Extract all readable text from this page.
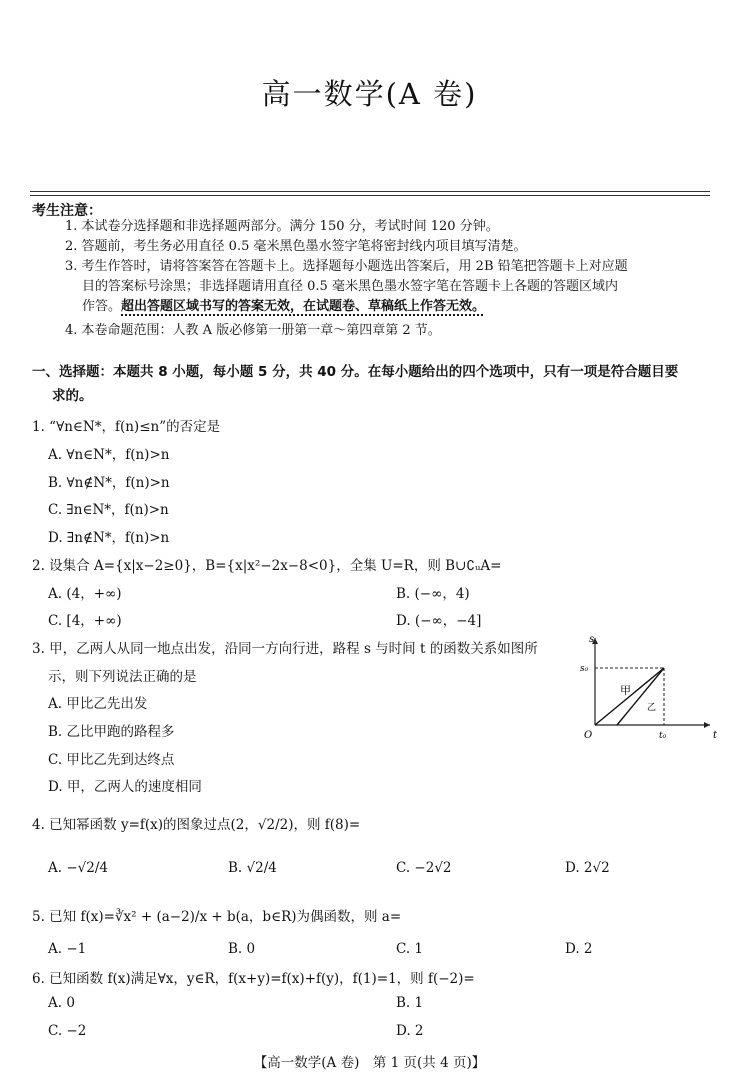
高一数学(A 卷)
考生注意：
1. 本试卷分选择题和非选择题两部分。满分 150 分，考试时间 120 分钟。
2. 答题前，考生务必用直径 0.5 毫米黑色墨水签字笔将密封线内项目填写清楚。
3. 考生作答时，请将答案答在答题卡上。选择题每小题选出答案后，用 2B 铅笔把答题卡上对应题
目的答案标号涂黑；非选择题请用直径 0.5 毫米黑色墨水签字笔在答题卡上各题的答题区域内
作答。超出答题区域书写的答案无效，在试题卷、草稿纸上作答无效。
4. 本卷命题范围：人教 A 版必修第一册第一章～第四章第 2 节。
一、选择题：本题共 8 小题，每小题 5 分，共 40 分。在每小题给出的四个选项中，只有一项是符合题目要
求的。
1. “∀n∈N*，f(n)≤n”的否定是
A. ∀n∈N*，f(n)>n
B. ∀n∉N*，f(n)>n
C. ∃n∈N*，f(n)>n
D. ∃n∉N*，f(n)>n
2. 设集合 A={x|x−2≥0}，B={x|x²−2x−8<0}，全集 U=R，则 B∪∁ᵤA=
A. (4，+∞)	B. (−∞，4)
C. [4，+∞)	D. (−∞，−4]
3. 甲，乙两人从同一地点出发，沿同一方向行进，路程 s 与时间 t 的函数关系如图所
示，则下列说法正确的是
A. 甲比乙先出发
B. 乙比甲跑的路程多
C. 甲比乙先到达终点
D. 甲，乙两人的速度相同
t
s
O
s₀
t₀
甲
乙
4. 已知幂函数 y=f(x)的图象过点(2，√2/2)，则 f(8)=
A. −√2/4	B. √2/4	C. −2√2	D. 2√2
5. 已知 f(x)=∛x² + (a−2)/x + b(a，b∈R)为偶函数，则 a=
A. −1	B. 0	C. 1	D. 2
6. 已知函数 f(x)满足∀x，y∈R，f(x+y)=f(x)+f(y)，f(1)=1，则 f(−2)=
A. 0	B. 1
C. −2	D. 2
【高一数学(A 卷)　第 1 页(共 4 页)】
